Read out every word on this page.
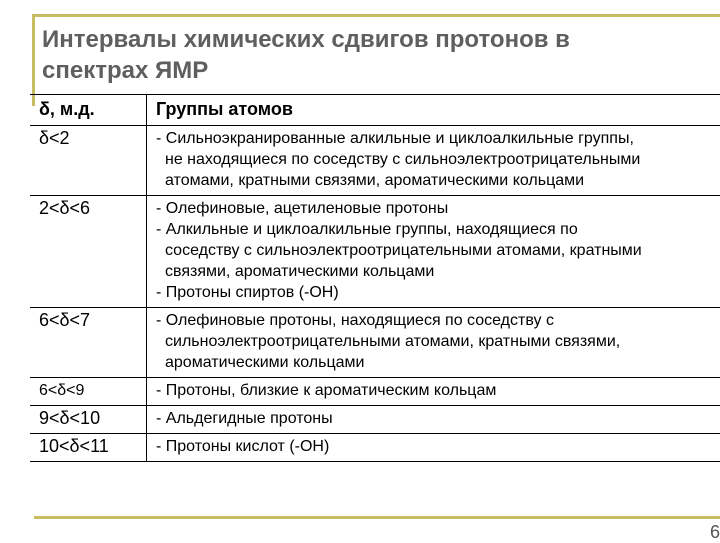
Интервалы химических сдвигов протонов в
спектрах ЯМР
δ, м.д.	Группы атомов
δ<2	- Сильноэкранированные алкильные и циклоалкильные группы,
не находящиеся по соседству с сильноэлектроотрицательными
атомами, кратными связями, ароматическими кольцами

2<δ<6	- Олефиновые, ацетиленовые протоны
- Алкильные и циклоалкильные группы, находящиеся по
соседству с сильноэлектроотрицательными атомами, кратными
связями, ароматическими кольцами
- Протоны спиртов (-ОН)

6<δ<7	- Олефиновые протоны, находящиеся по соседству с
сильноэлектроотрицательными атомами, кратными связями,
ароматическими кольцами

6<δ<9	- Протоны, близкие к ароматическим кольцам

9<δ<10	- Альдегидные протоны

10<δ<11	- Протоны кислот (-ОН)
6
